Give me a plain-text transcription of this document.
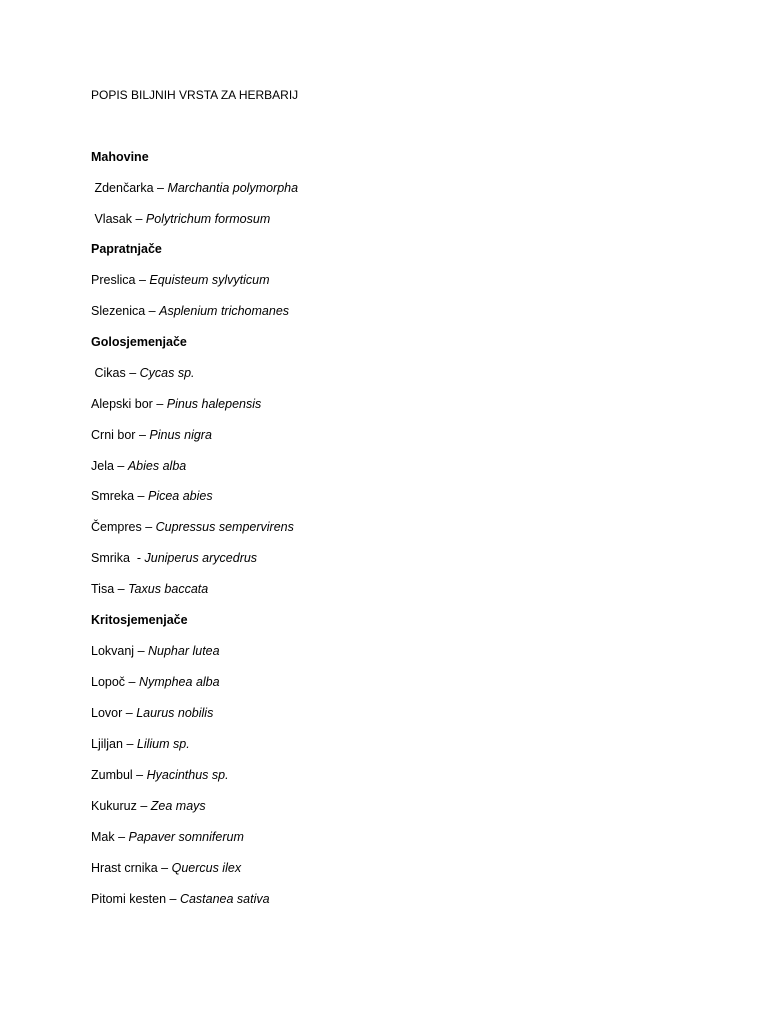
POPIS BILJNIH VRSTA ZA HERBARIJ
Mahovine
Zdenčarka – Marchantia polymorpha
Vlasak – Polytrichum formosum
Papratnjače
Preslica – Equisteum sylvyticum
Slezenica – Asplenium trichomanes
Golosjemenjače
Cikas – Cycas sp.
Alepski bor – Pinus halepensis
Crni bor – Pinus nigra
Jela – Abies alba
Smreka – Picea abies
Čempres – Cupressus sempervirens
Smrika  - Juniperus arycedrus
Tisa – Taxus baccata
Kritosjemenjače
Lokvanj – Nuphar lutea
Lopoč – Nymphea alba
Lovor – Laurus nobilis
Ljiljan – Lilium sp.
Zumbul – Hyacinthus sp.
Kukuruz – Zea mays
Mak – Papaver somniferum
Hrast crnika – Quercus ilex
Pitomi kesten – Castanea sativa
